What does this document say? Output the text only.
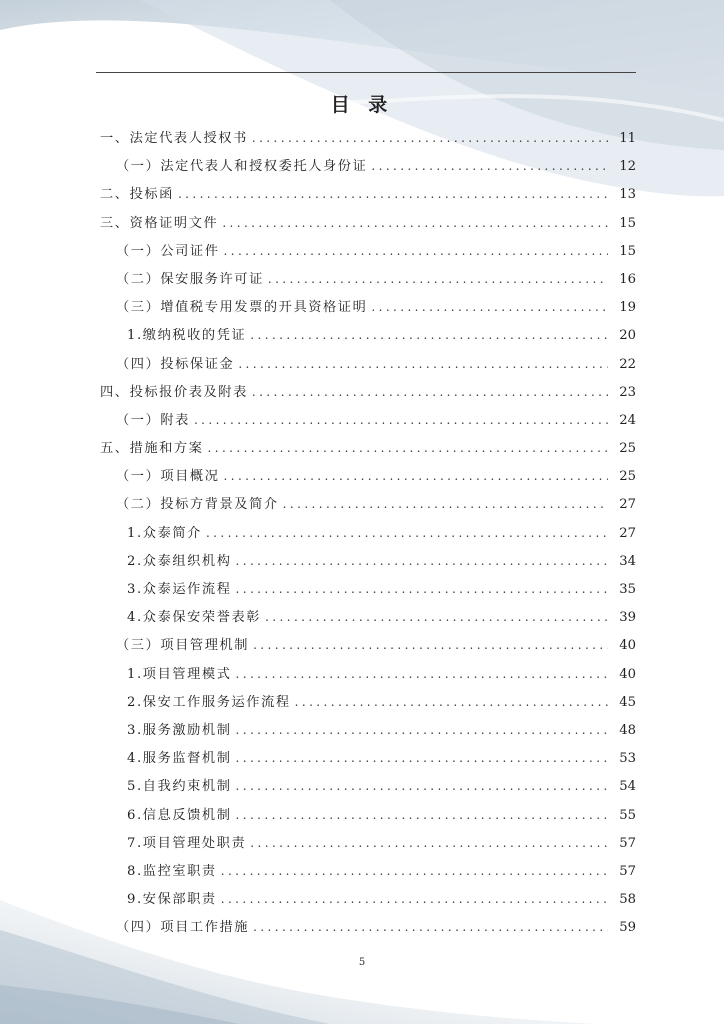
目 录
一、法定代表人授权书 .....	11
（一）法定代表人和授权委托人身份证 .....	12
二、投标函 .....	13
三、资格证明文件 .....	15
（一）公司证件 .....	15
（二）保安服务许可证 .....	16
（三）增值税专用发票的开具资格证明 .....	19
1.缴纳税收的凭证 .....	20
（四）投标保证金 .....	22
四、投标报价表及附表 .....	23
（一）附表 .....	24
五、措施和方案 .....	25
（一）项目概况 .....	25
（二）投标方背景及简介 .....	27
1.众泰简介 .....	27
2.众泰组织机构 .....	34
3.众泰运作流程 .....	35
4.众泰保安荣誉表彰 .....	39
（三）项目管理机制 .....	40
1.项目管理模式 .....	40
2.保安工作服务运作流程 .....	45
3.服务激励机制 .....	48
4.服务监督机制 .....	53
5.自我约束机制 .....	54
6.信息反馈机制 .....	55
7.项目管理处职责 .....	57
8.监控室职责 .....	57
9.安保部职责 .....	58
（四）项目工作措施 .....	59
5
